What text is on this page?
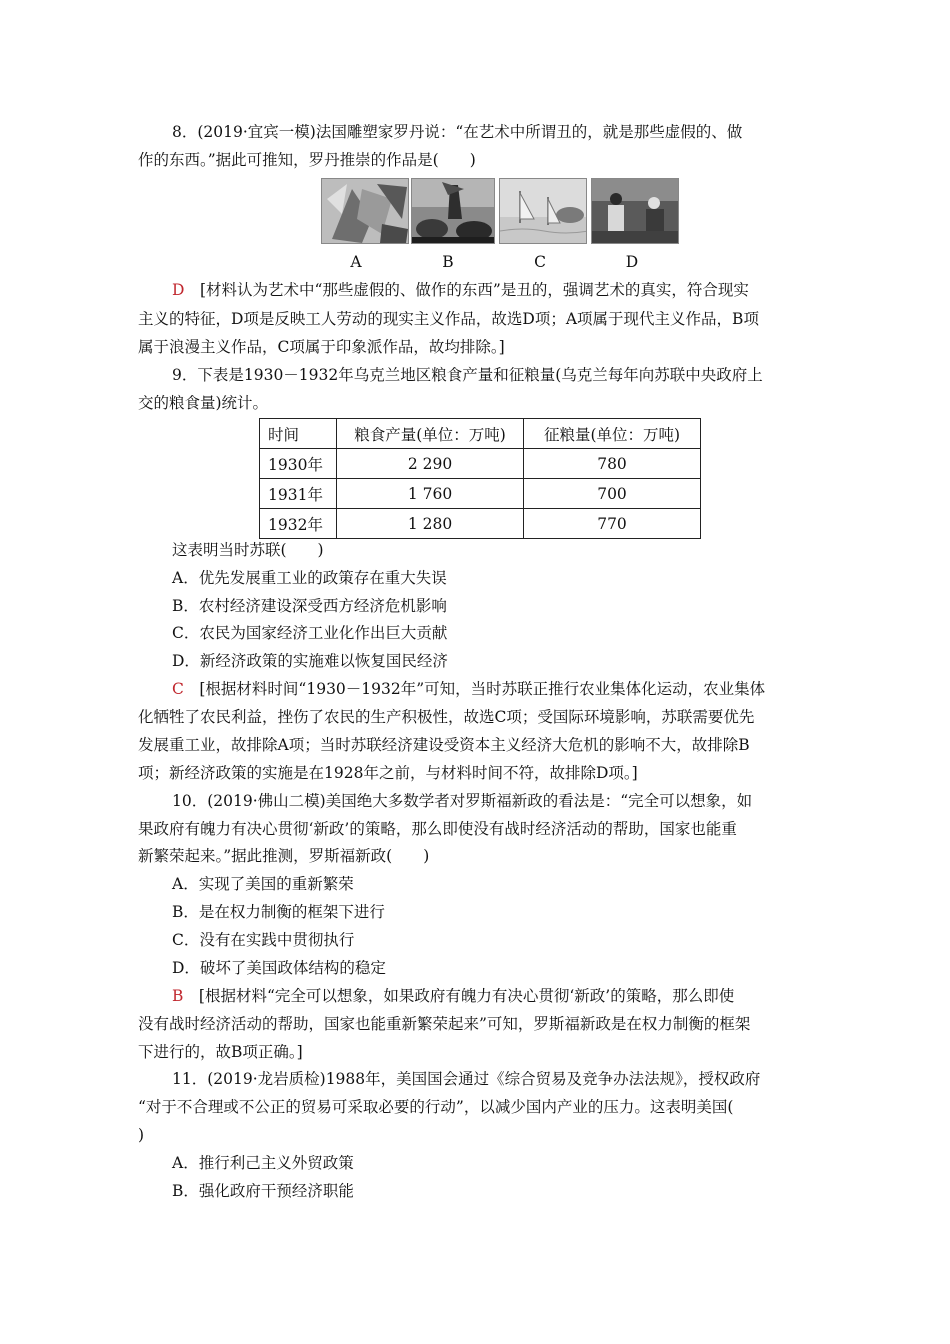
8．(2019·宜宾一模)法国雕塑家罗丹说：“在艺术中所谓丑的，就是那些虚假的、做
作的东西。”据此可推知，罗丹推崇的作品是(　　)
A	B	C	D
D　[材料认为艺术中“那些虚假的、做作的东西”是丑的，强调艺术的真实，符合现实
主义的特征，D项是反映工人劳动的现实主义作品，故选D项；A项属于现代主义作品，B项
属于浪漫主义作品，C项属于印象派作品，故均排除。]
9．下表是1930－1932年乌克兰地区粮食产量和征粮量(乌克兰每年向苏联中央政府上
交的粮食量)统计。
时间	粮食产量(单位：万吨)	征粮量(单位：万吨)
1930年	2 290	780
1931年	1 760	700
1932年	1 280	770
这表明当时苏联(　　)
A．优先发展重工业的政策存在重大失误
B．农村经济建设深受西方经济危机影响
C．农民为国家经济工业化作出巨大贡献
D．新经济政策的实施难以恢复国民经济
C　[根据材料时间“1930－1932年”可知，当时苏联正推行农业集体化运动，农业集体
化牺牲了农民利益，挫伤了农民的生产积极性，故选C项；受国际环境影响，苏联需要优先
发展重工业，故排除A项；当时苏联经济建设受资本主义经济大危机的影响不大，故排除B
项；新经济政策的实施是在1928年之前，与材料时间不符，故排除D项。]
10．(2019·佛山二模)美国绝大多数学者对罗斯福新政的看法是：“完全可以想象，如
果政府有魄力有决心贯彻‘新政’的策略，那么即使没有战时经济活动的帮助，国家也能重
新繁荣起来。”据此推测，罗斯福新政(　　)
A．实现了美国的重新繁荣
B．是在权力制衡的框架下进行
C．没有在实践中贯彻执行
D．破坏了美国政体结构的稳定
B　[根据材料“完全可以想象，如果政府有魄力有决心贯彻‘新政’的策略，那么即使
没有战时经济活动的帮助，国家也能重新繁荣起来”可知，罗斯福新政是在权力制衡的框架
下进行的，故B项正确。]
11．(2019·龙岩质检)1988年，美国国会通过《综合贸易及竞争办法法规》，授权政府
“对于不合理或不公正的贸易可采取必要的行动”，以减少国内产业的压力。这表明美国(
)
A．推行利己主义外贸政策
B．强化政府干预经济职能
